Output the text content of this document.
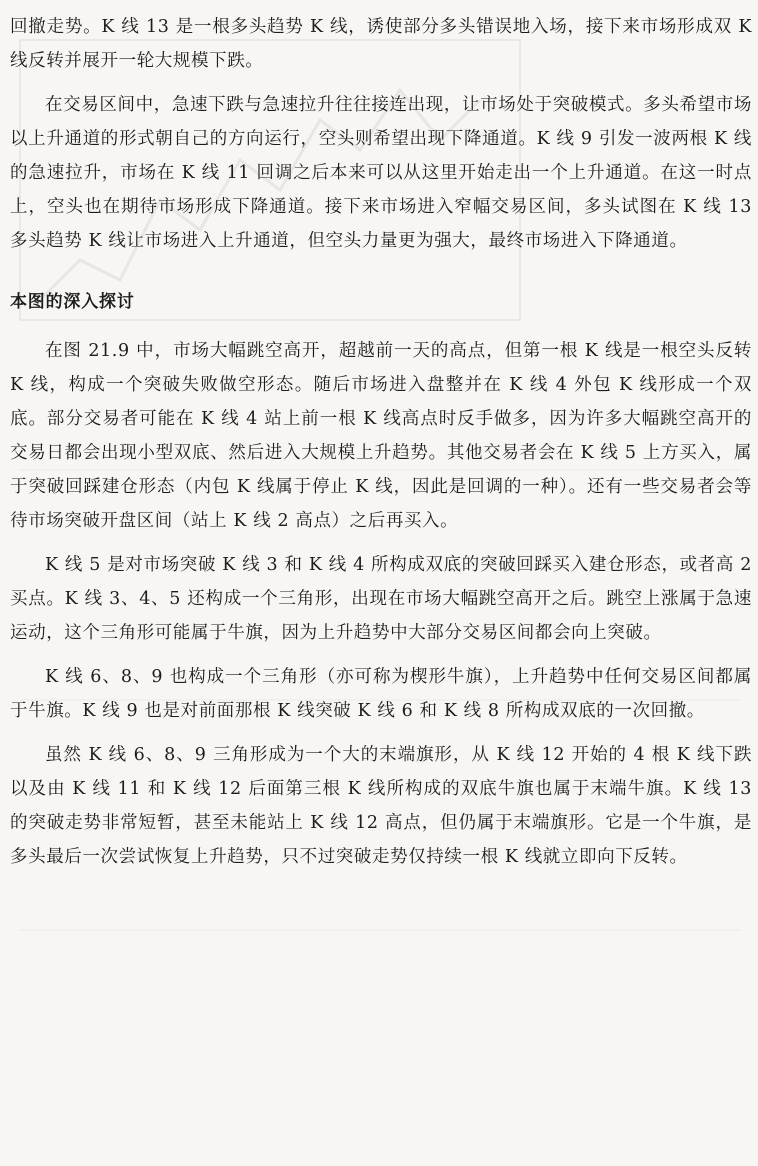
回撤走势。K 线 13 是一根多头趋势 K 线，诱使部分多头错误地入场，接下来市场形成双 K 线反转并展开一轮大规模下跌。

在交易区间中，急速下跌与急速拉升往往接连出现，让市场处于突破模式。多头希望市场以上升通道的形式朝自己的方向运行，空头则希望出现下降通道。K 线 9 引发一波两根 K 线的急速拉升，市场在 K 线 11 回调之后本来可以从这里开始走出一个上升通道。在这一时点上，空头也在期待市场形成下降通道。接下来市场进入窄幅交易区间，多头试图在 K 线 13 多头趋势 K 线让市场进入上升通道，但空头力量更为强大，最终市场进入下降通道。

本图的深入探讨

在图 21.9 中，市场大幅跳空高开，超越前一天的高点，但第一根 K 线是一根空头反转 K 线，构成一个突破失败做空形态。随后市场进入盘整并在 K 线 4 外包 K 线形成一个双底。部分交易者可能在 K 线 4 站上前一根 K 线高点时反手做多，因为许多大幅跳空高开的交易日都会出现小型双底、然后进入大规模上升趋势。其他交易者会在 K 线 5 上方买入，属于突破回踩建仓形态（内包 K 线属于停止 K 线，因此是回调的一种）。还有一些交易者会等待市场突破开盘区间（站上 K 线 2 高点）之后再买入。

K 线 5 是对市场突破 K 线 3 和 K 线 4 所构成双底的突破回踩买入建仓形态，或者高 2 买点。K 线 3、4、5 还构成一个三角形，出现在市场大幅跳空高开之后。跳空上涨属于急速运动，这个三角形可能属于牛旗，因为上升趋势中大部分交易区间都会向上突破。

K 线 6、8、9 也构成一个三角形（亦可称为楔形牛旗），上升趋势中任何交易区间都属于牛旗。K 线 9 也是对前面那根 K 线突破 K 线 6 和 K 线 8 所构成双底的一次回撤。

虽然 K 线 6、8、9 三角形成为一个大的末端旗形，从 K 线 12 开始的 4 根 K 线下跌以及由 K 线 11 和 K 线 12 后面第三根 K 线所构成的双底牛旗也属于末端牛旗。K 线 13 的突破走势非常短暂，甚至未能站上 K 线 12 高点，但仍属于末端旗形。它是一个牛旗，是多头最后一次尝试恢复上升趋势，只不过突破走势仅持续一根 K 线就立即向下反转。
